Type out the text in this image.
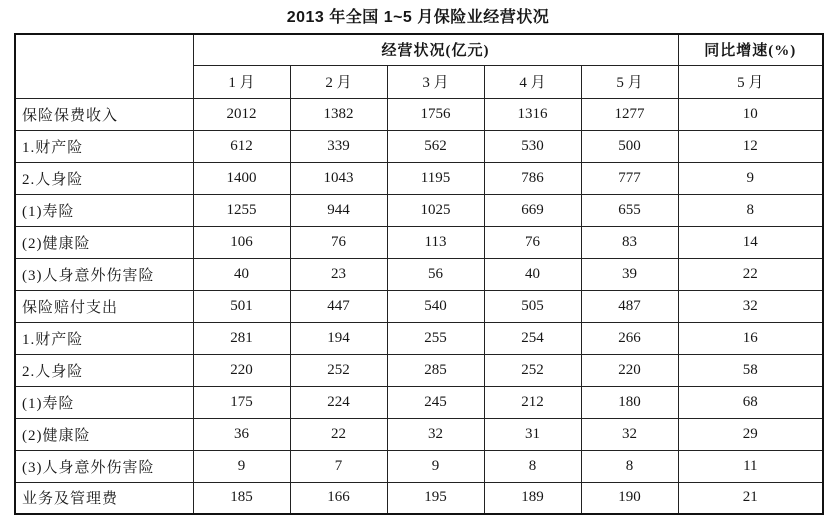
2013 年全国 1~5 月保险业经营状况
	经营状况(亿元)					同比增速(%)
	1 月	2 月	3 月	4 月	5 月	5 月
保险保费收入	2012	1382	1756	1316	1277	10
1.财产险	612	339	562	530	500	12
2.人身险	1400	1043	1195	786	777	9
(1)寿险	1255	944	1025	669	655	8
(2)健康险	106	76	113	76	83	14
(3)人身意外伤害险	40	23	56	40	39	22
保险赔付支出	501	447	540	505	487	32
1.财产险	281	194	255	254	266	16
2.人身险	220	252	285	252	220	58
(1)寿险	175	224	245	212	180	68
(2)健康险	36	22	32	31	32	29
(3)人身意外伤害险	9	7	9	8	8	11
业务及管理费	185	166	195	189	190	21
